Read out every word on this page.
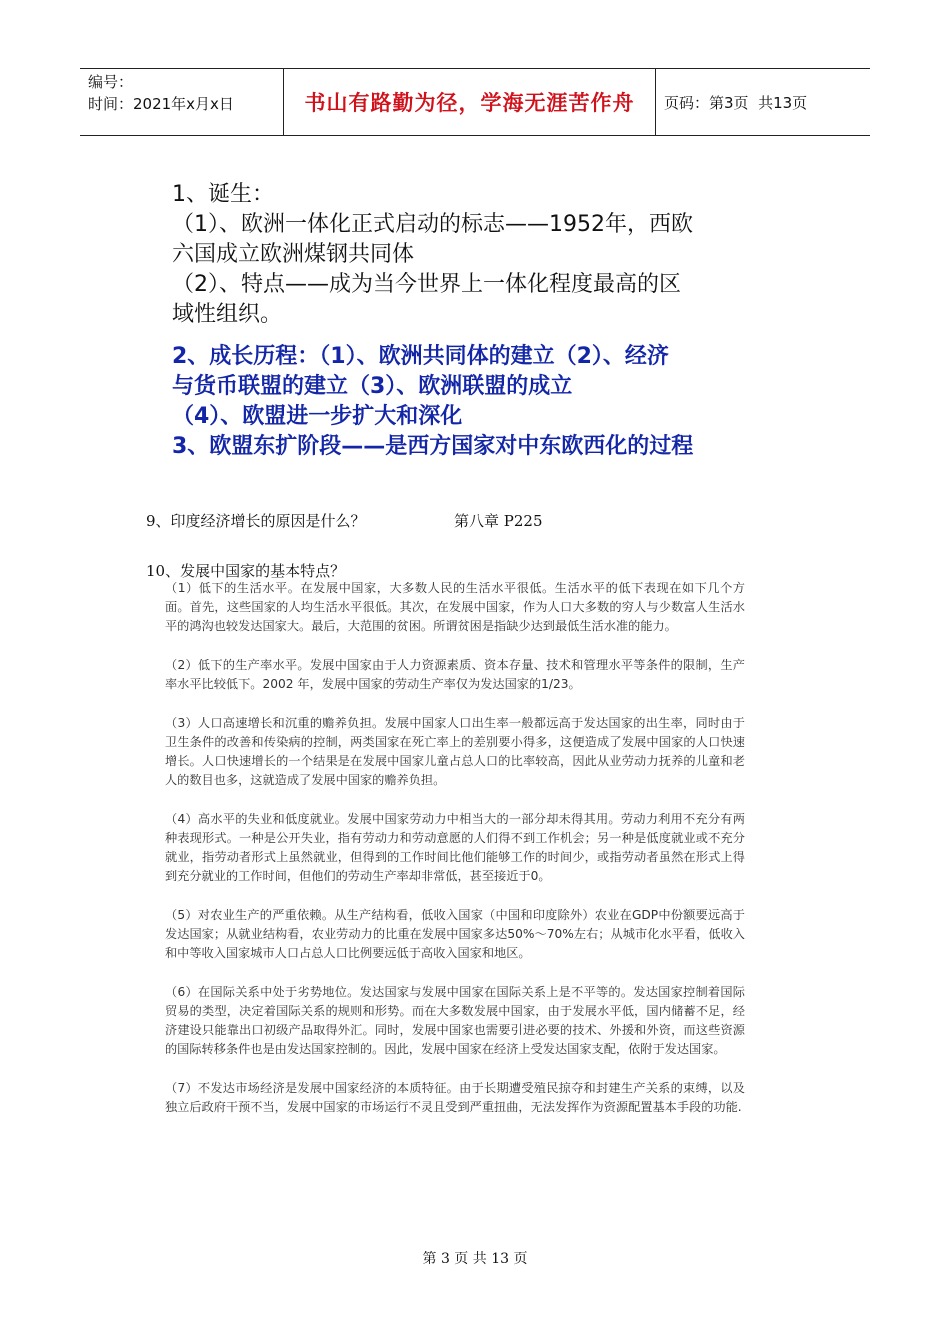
编号：
时间：2021年x月x日	书山有路勤为径，学海无涯苦作舟	页码：第3页  共13页

1、诞生：

（1）、欧洲一体化正式启动的标志——1952年，西欧

六国成立欧洲煤钢共同体

（2）、特点——成为当今世界上一体化程度最高的区

域性组织。

2、成长历程：（1）、欧洲共同体的建立（2）、经济

与货币联盟的建立（3）、欧洲联盟的成立

（4）、欧盟进一步扩大和深化

3、欧盟东扩阶段——是西方国家对中东欧西化的过程

9、印度经济增长的原因是什么？	第八章 P225
10、发展中国家的基本特点？

（1）低下的生活水平。在发展中国家，大多数人民的生活水平很低。生活水平的低下表现在如下几个方面。首先，这些国家的人均生活水平很低。其次，在发展中国家，作为人口大多数的穷人与少数富人生活水平的鸿沟也较发达国家大。最后，大范围的贫困。所谓贫困是指缺少达到最低生活水准的能力。

（2）低下的生产率水平。发展中国家由于人力资源素质、资本存量、技术和管理水平等条件的限制，生产率水平比较低下。2002 年，发展中国家的劳动生产率仅为发达国家的1/23。

（3）人口高速增长和沉重的赡养负担。发展中国家人口出生率一般都远高于发达国家的出生率，同时由于卫生条件的改善和传染病的控制，两类国家在死亡率上的差别要小得多，这便造成了发展中国家的人口快速增长。人口快速增长的一个结果是在发展中国家儿童占总人口的比率较高，因此从业劳动力抚养的儿童和老人的数目也多，这就造成了发展中国家的赡养负担。

（4）高水平的失业和低度就业。发展中国家劳动力中相当大的一部分却未得其用。劳动力利用不充分有两种表现形式。一种是公开失业，指有劳动力和劳动意愿的人们得不到工作机会；另一种是低度就业或不充分就业，指劳动者形式上虽然就业，但得到的工作时间比他们能够工作的时间少，或指劳动者虽然在形式上得到充分就业的工作时间，但他们的劳动生产率却非常低，甚至接近于0。

（5）对农业生产的严重依赖。从生产结构看，低收入国家（中国和印度除外）农业在GDP中份额要远高于发达国家；从就业结构看，农业劳动力的比重在发展中国家多达50%～70%左右；从城市化水平看，低收入和中等收入国家城市人口占总人口比例要远低于高收入国家和地区。

（6）在国际关系中处于劣势地位。发达国家与发展中国家在国际关系上是不平等的。发达国家控制着国际贸易的类型，决定着国际关系的规则和形势。而在大多数发展中国家，由于发展水平低，国内储蓄不足，经济建设只能靠出口初级产品取得外汇。同时，发展中国家也需要引进必要的技术、外援和外资，而这些资源的国际转移条件也是由发达国家控制的。因此，发展中国家在经济上受发达国家支配，依附于发达国家。

（7）不发达市场经济是发展中国家经济的本质特征。由于长期遭受殖民掠夺和封建生产关系的束缚，以及独立后政府干预不当，发展中国家的市场运行不灵且受到严重扭曲，无法发挥作为资源配置基本手段的功能.

第 3 页 共 13 页
